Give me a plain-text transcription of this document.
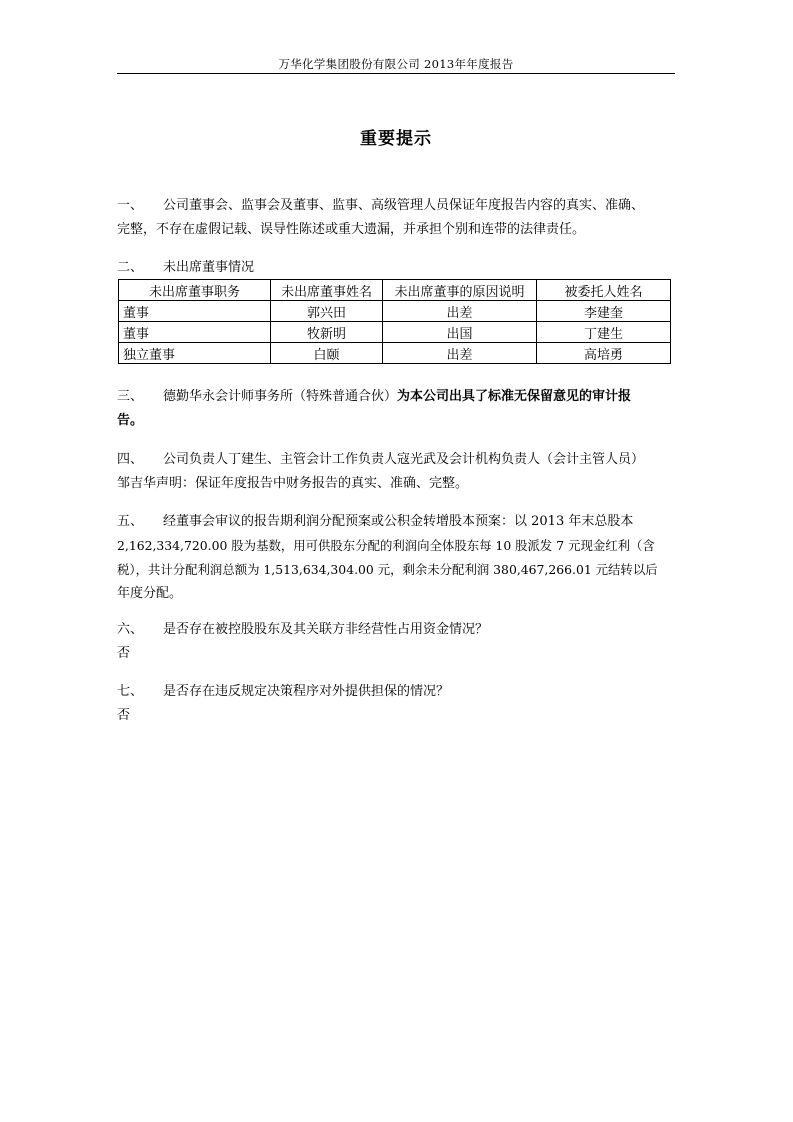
万华化学集团股份有限公司 2013年年度报告
重要提示
一、 公司董事会、监事会及董事、监事、高级管理人员保证年度报告内容的真实、准确、
完整，不存在虚假记载、误导性陈述或重大遗漏，并承担个别和连带的法律责任。
二、 未出席董事情况
未出席董事职务	未出席董事姓名	未出席董事的原因说明	被委托人姓名
董事	郭兴田	出差	李建奎
董事	牧新明	出国	丁建生
独立董事	白颐	出差	高培勇
三、 德勤华永会计师事务所（特殊普通合伙）为本公司出具了标准无保留意见的审计报
告。
四、 公司负责人丁建生、主管会计工作负责人寇光武及会计机构负责人（会计主管人员）
邹吉华声明：保证年度报告中财务报告的真实、准确、完整。
五、 经董事会审议的报告期利润分配预案或公积金转增股本预案：以 2013 年末总股本
2,162,334,720.00 股为基数，用可供股东分配的利润向全体股东每 10 股派发 7 元现金红利（含
税），共计分配利润总额为 1,513,634,304.00 元，剩余未分配利润 380,467,266.01 元结转以后
年度分配。
六、 是否存在被控股股东及其关联方非经营性占用资金情况？
否
七、 是否存在违反规定决策程序对外提供担保的情况？
否
